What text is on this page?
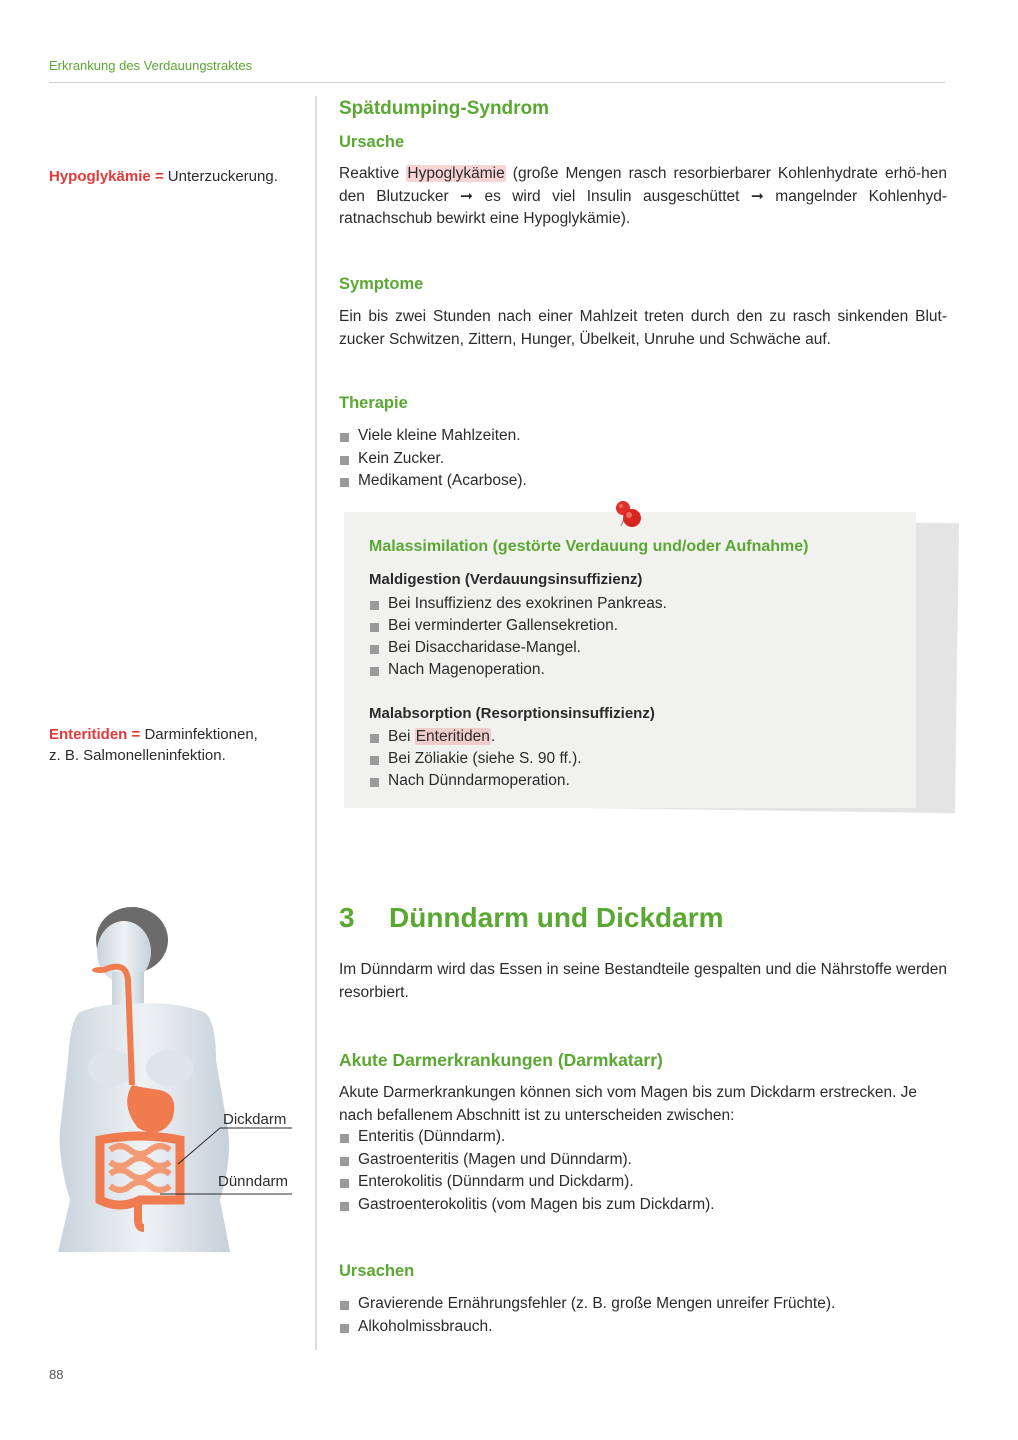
Erkrankung des Verdauungstraktes
Hypoglykämie = Unterzuckerung.
Enteritiden = Darminfektionen,
z. B. Salmonelleninfektion.
Spätdumping-Syndrom
Ursache
Reaktive Hypoglykämie (große Mengen rasch resorbierbarer Kohlenhydrate erhö-hen den Blutzucker ➞ es wird viel Insulin ausgeschüttet ➞ mangelnder Kohlenhyd-ratnachschub bewirkt eine Hypoglykämie).
Symptome
Ein bis zwei Stunden nach einer Mahlzeit treten durch den zu rasch sinkenden Blut-zucker Schwitzen, Zittern, Hunger, Übelkeit, Unruhe und Schwäche auf.
Therapie
Viele kleine Mahlzeiten.
Kein Zucker.
Medikament (Acarbose).
Malassimilation (gestörte Verdauung und/oder Aufnahme)
Maldigestion (Verdauungsinsuffizienz)
Bei Insuffizienz des exokrinen Pankreas.
Bei verminderter Gallensekretion.
Bei Disaccharidase-Mangel.
Nach Magenoperation.
Malabsorption (Resorptionsinsuffizienz)
Bei Enteritiden.
Bei Zöliakie (siehe S. 90 ff.).
Nach Dünndarmoperation.
Dickdarm
Dünndarm
3 Dünndarm und Dickdarm
Im Dünndarm wird das Essen in seine Bestandteile gespalten und die Nährstoffe werden resorbiert.
Akute Darmerkrankungen (Darmkatarr)
Akute Darmerkrankungen können sich vom Magen bis zum Dickdarm erstrecken. Je nach befallenem Abschnitt ist zu unterscheiden zwischen:
Enteritis (Dünndarm).
Gastroenteritis (Magen und Dünndarm).
Enterokolitis (Dünndarm und Dickdarm).
Gastroenterokolitis (vom Magen bis zum Dickdarm).
Ursachen
Gravierende Ernährungsfehler (z. B. große Mengen unreifer Früchte).
Alkoholmissbrauch.
88
